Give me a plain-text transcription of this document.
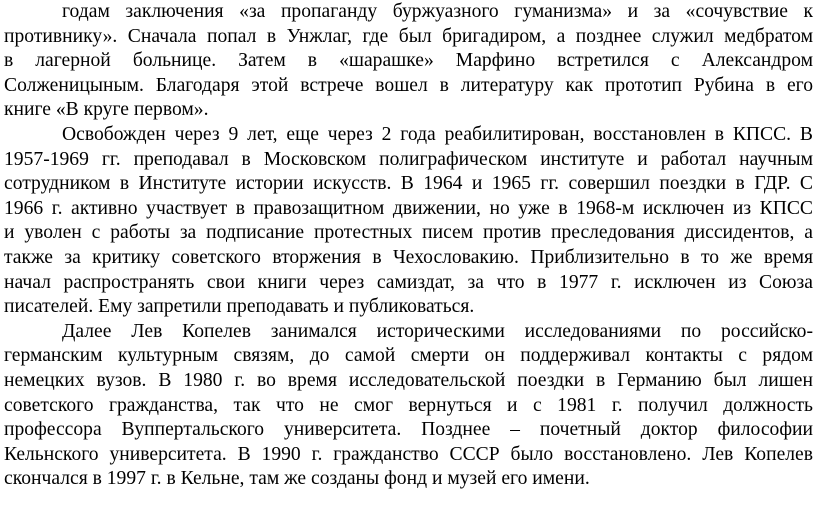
годам заключения «за пропаганду буржуазного гуманизма» и за «сочувствие к
противнику». Сначала попал в Унжлаг, где был бригадиром, а позднее служил медбратом
в лагерной больнице. Затем в «шарашке» Марфино встретился с Александром
Солженицыным. Благодаря этой встрече вошел в литературу как прототип Рубина в его
книге «В круге первом».
Освобожден через 9 лет, еще через 2 года реабилитирован, восстановлен в КПСС. В
1957-1969 гг. преподавал в Московском полиграфическом институте и работал научным
сотрудником в Институте истории искусств. В 1964 и 1965 гг. совершил поездки в ГДР. С
1966 г. активно участвует в правозащитном движении, но уже в 1968-м исключен из КПСС
и уволен с работы за подписание протестных писем против преследования диссидентов, а
также за критику советского вторжения в Чехословакию. Приблизительно в то же время
начал распространять свои книги через самиздат, за что в 1977 г. исключен из Союза
писателей. Ему запретили преподавать и публиковаться.
Далее Лев Копелев занимался историческими исследованиями по российско-
германским культурным связям, до самой смерти он поддерживал контакты с рядом
немецких вузов. В 1980 г. во время исследовательской поездки в Германию был лишен
советского гражданства, так что не смог вернуться и с 1981 г. получил должность
профессора Вуппертальского университета. Позднее – почетный доктор философии
Кельнского университета. В 1990 г. гражданство СССР было восстановлено. Лев Копелев
скончался в 1997 г. в Кельне, там же созданы фонд и музей его имени.
